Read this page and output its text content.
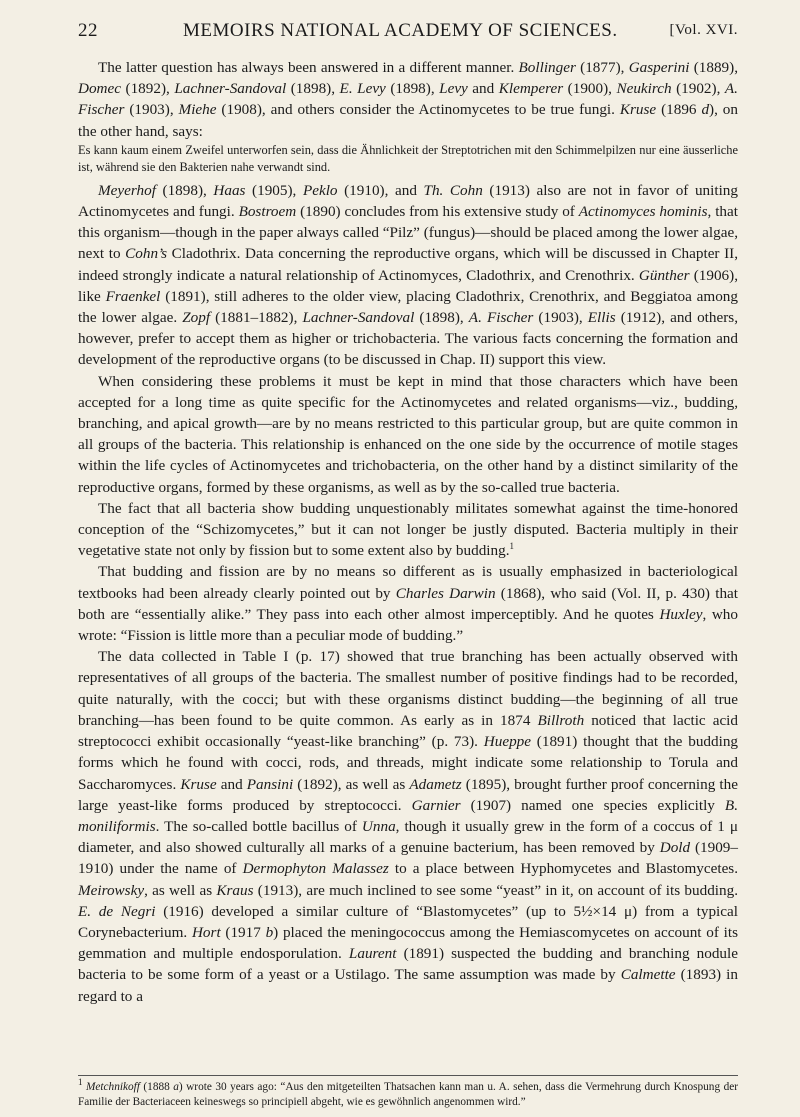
22	MEMOIRS NATIONAL ACADEMY OF SCIENCES.	[Vol. XVI.

The latter question has always been answered in a different manner. Bollinger (1877), Gasperini (1889), Domec (1892), Lachner-Sandoval (1898), E. Levy (1898), Levy and Klemperer (1900), Neukirch (1902), A. Fischer (1903), Miehe (1908), and others consider the Actinomycetes to be true fungi. Kruse (1896 d), on the other hand, says:

Es kann kaum einem Zweifel unterworfen sein, dass die Ähnlichkeit der Streptotrichen mit den Schimmelpilzen nur eine äusserliche ist, während sie den Bakterien nahe verwandt sind.

Meyerhof (1898), Haas (1905), Peklo (1910), and Th. Cohn (1913) also are not in favor of uniting Actinomycetes and fungi. Bostroem (1890) concludes from his extensive study of Actinomyces hominis, that this organism—though in the paper always called “Pilz” (fungus)—should be placed among the lower algae, next to Cohn’s Cladothrix. Data concerning the reproductive organs, which will be discussed in Chapter II, indeed strongly indicate a natural relationship of Actinomyces, Cladothrix, and Crenothrix. Günther (1906), like Fraenkel (1891), still adheres to the older view, placing Cladothrix, Crenothrix, and Beggiatoa among the lower algae. Zopf (1881–1882), Lachner-Sandoval (1898), A. Fischer (1903), Ellis (1912), and others, however, prefer to accept them as higher or trichobacteria. The various facts concerning the formation and development of the reproductive organs (to be discussed in Chap. II) support this view.

When considering these problems it must be kept in mind that those characters which have been accepted for a long time as quite specific for the Actinomycetes and related organisms—viz., budding, branching, and apical growth—are by no means restricted to this particular group, but are quite common in all groups of the bacteria. This relationship is enhanced on the one side by the occurrence of motile stages within the life cycles of Actinomycetes and trichobacteria, on the other hand by a distinct similarity of the reproductive organs, formed by these organisms, as well as by the so-called true bacteria.

The fact that all bacteria show budding unquestionably militates somewhat against the time-honored conception of the “Schizomycetes,” but it can not longer be justly disputed. Bacteria multiply in their vegetative state not only by fission but to some extent also by budding.$^1$

That budding and fission are by no means so different as is usually emphasized in bacteriological textbooks had been already clearly pointed out by Charles Darwin (1868), who said (Vol. II, p. 430) that both are “essentially alike.” They pass into each other almost imperceptibly. And he quotes Huxley, who wrote: “Fission is little more than a peculiar mode of budding.”

The data collected in Table I (p. 17) showed that true branching has been actually observed with representatives of all groups of the bacteria. The smallest number of positive findings had to be recorded, quite naturally, with the cocci; but with these organisms distinct budding—the beginning of all true branching—has been found to be quite common. As early as in 1874 Billroth noticed that lactic acid streptococci exhibit occasionally “yeast-like branching” (p. 73). Hueppe (1891) thought that the budding forms which he found with cocci, rods, and threads, might indicate some relationship to Torula and Saccharomyces. Kruse and Pansini (1892), as well as Adametz (1895), brought further proof concerning the large yeast-like forms produced by streptococci. Garnier (1907) named one species explicitly B. moniliformis. The so-called bottle bacillus of Unna, though it usually grew in the form of a coccus of 1 μ diameter, and also showed culturally all marks of a genuine bacterium, has been removed by Dold (1909–1910) under the name of Dermophyton Malassez to a place between Hyphomycetes and Blastomycetes. Meirowsky, as well as Kraus (1913), are much inclined to see some “yeast” in it, on account of its budding. E. de Negri (1916) developed a similar culture of “Blastomycetes” (up to 5½×14 μ) from a typical Corynebacterium. Hort (1917 b) placed the meningococcus among the Hemiascomycetes on account of its gemmation and multiple endosporulation. Laurent (1891) suspected the budding and branching nodule bacteria to be some form of a yeast or a Ustilago. The same assumption was made by Calmette (1893) in regard to a

$^1$ Metchnikoff (1888 a) wrote 30 years ago: “Aus den mitgeteilten Thatsachen kann man u. A. sehen, dass die Vermehrung durch Knospung der Familie der Bacteriaceen keineswegs so principiell abgeht, wie es gewöhnlich angenommen wird.”
